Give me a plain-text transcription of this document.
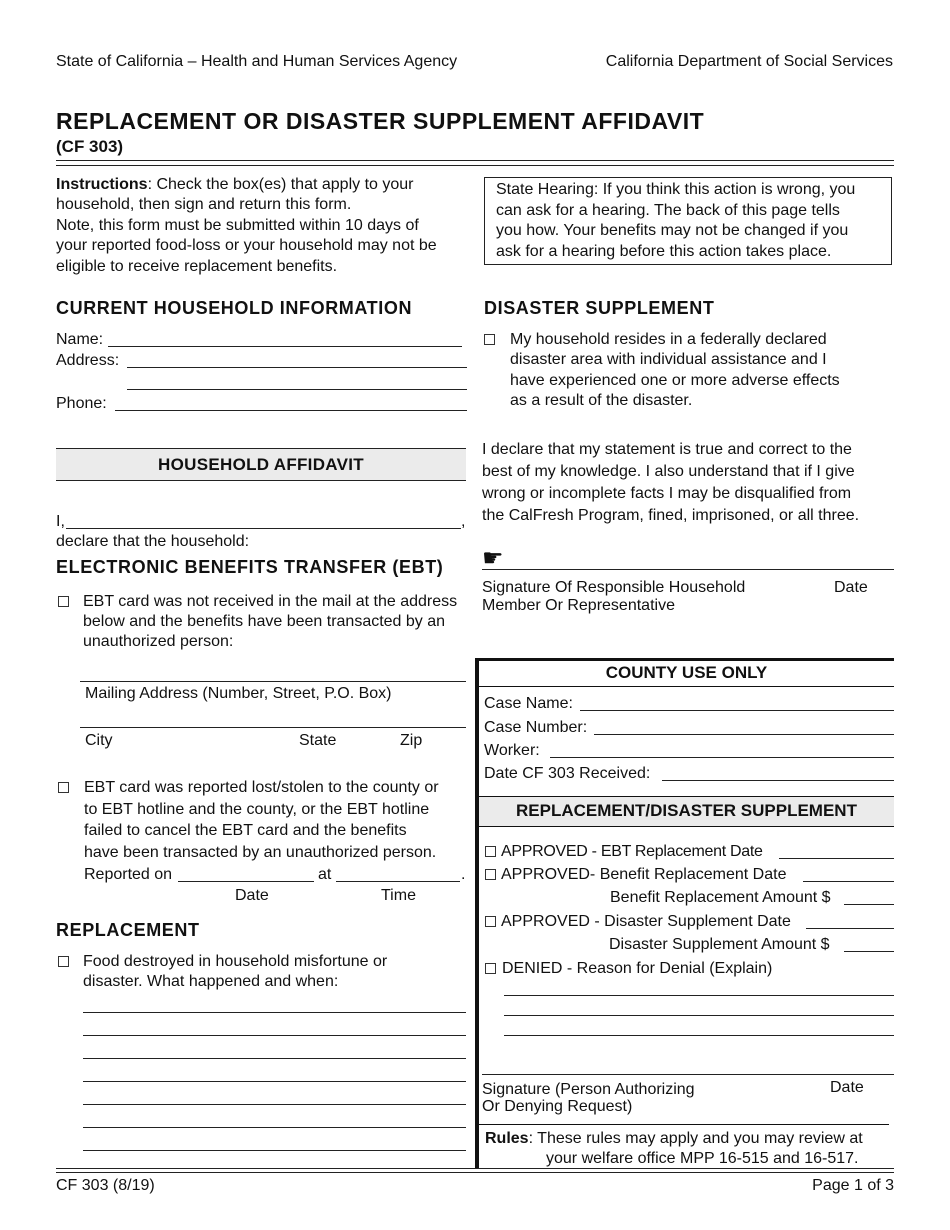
State of California – Health and Human Services Agency	California Department of Social Services
REPLACEMENT OR DISASTER SUPPLEMENT AFFIDAVIT
(CF 303)
Instructions: Check the box(es) that apply to your
household, then sign and return this form.
Note, this form must be submitted within 10 days of
your reported food-loss or your household may not be
eligible to receive replacement benefits.
State Hearing: If you think this action is wrong, you
can ask for a hearing. The back of this page tells
you how. Your benefits may not be changed if you
ask for a hearing before this action takes place.
CURRENT HOUSEHOLD INFORMATION
Name:
Address:
Phone:
HOUSEHOLD AFFIDAVIT
I,	,
declare that the household:
ELECTRONIC BENEFITS TRANSFER (EBT)
EBT card was not received in the mail at the address
below and the benefits have been transacted by an
unauthorized person:
Mailing Address (Number, Street, P.O. Box)
City	State	Zip
EBT card was reported lost/stolen to the county or
to EBT hotline and the county, or the EBT hotline
failed to cancel the EBT card and the benefits
have been transacted by an unauthorized person.
Reported on	at	.
Date	Time
REPLACEMENT
Food destroyed in household misfortune or
disaster. What happened and when:
DISASTER SUPPLEMENT
My household resides in a federally declared
disaster area with individual assistance and I
have experienced one or more adverse effects
as a result of the disaster.
I declare that my statement is true and correct to the
best of my knowledge. I also understand that if I give
wrong or incomplete facts I may be disqualified from
the CalFresh Program, fined, imprisoned, or all three.
☛
Signature Of Responsible Household
Member Or Representative
Date
COUNTY USE ONLY
Case Name:
Case Number:
Worker:
Date CF 303 Received:
REPLACEMENT/DISASTER SUPPLEMENT
APPROVED - EBT Replacement Date
APPROVED- Benefit Replacement Date
Benefit Replacement Amount $
APPROVED - Disaster Supplement Date
Disaster Supplement Amount $
DENIED - Reason for Denial (Explain)
Signature (Person Authorizing
Or Denying Request)
Date
Rules: These rules may apply and you may review at
your welfare office MPP 16-515 and 16-517.
CF 303 (8/19)	Page 1 of 3
